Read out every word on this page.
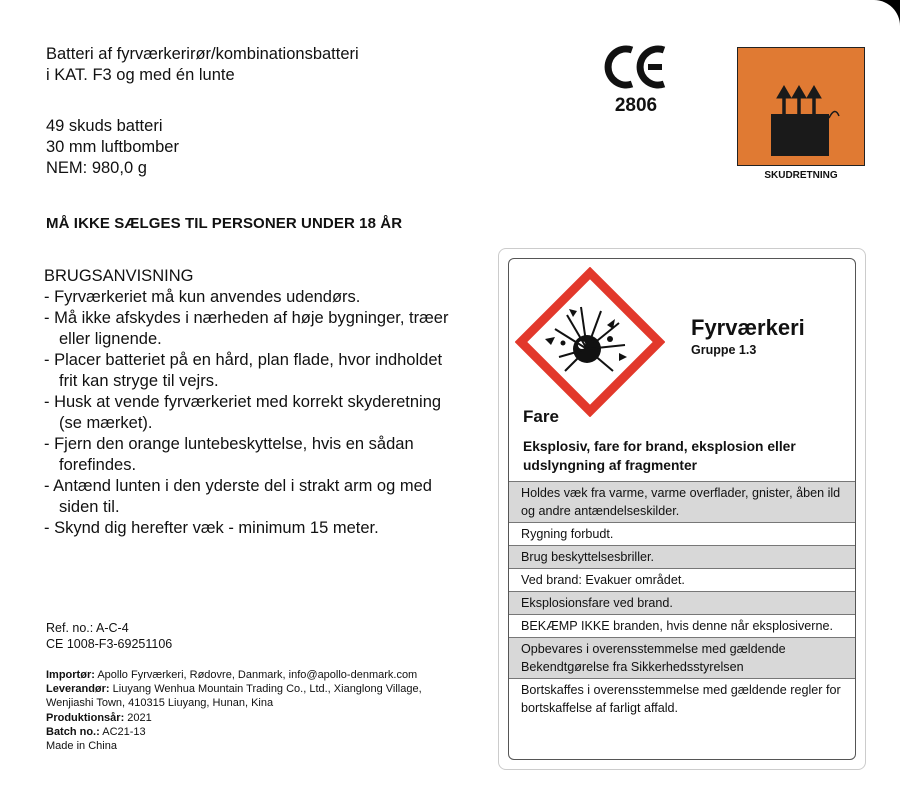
Batteri af fyrværkerirør/kombinationsbatteri
i KAT. F3 og med én lunte
49 skuds batteri
30 mm luftbomber
NEM: 980,0 g
MÅ IKKE SÆLGES TIL PERSONER UNDER 18 ÅR
BRUGSANVISNING
- Fyrværkeriet må kun anvendes udendørs.
- Må ikke afskydes i nærheden af høje bygninger, træer eller lignende.
- Placer batteriet på en hård, plan flade, hvor indholdet frit kan stryge til vejrs.
- Husk at vende fyrværkeriet med korrekt skyderetning (se mærket).
- Fjern den orange luntebeskyttelse, hvis en sådan forefindes.
- Antænd lunten i den yderste del i strakt arm og med siden til.
- Skynd dig herefter væk - minimum 15 meter.
Ref. no.: A-C-4
CE 1008-F3-69251106
Importør: Apollo Fyrværkeri, Rødovre, Danmark, info@apollo-denmark.com
Leverandør: Liuyang Wenhua Mountain Trading Co., Ltd., Xianglong Village, Wenjiashi Town, 410315 Liuyang, Hunan, Kina
Produktionsår: 2021
Batch no.: AC21-13
Made in China
2806
SKUDRETNING
Fyrværkeri
Gruppe 1.3
Fare
Eksplosiv, fare for brand, eksplosion eller udslyngning af fragmenter
Holdes væk fra varme, varme overflader, gnister, åben ild og andre antændelseskilder.
Rygning forbudt.
Brug beskyttelsesbriller.
Ved brand: Evakuer området.
Eksplosionsfare ved brand.
BEKÆMP IKKE branden, hvis denne når eksplosiverne.
Opbevares i overensstemmelse med gældende Bekendtgørelse fra Sikkerhedsstyrelsen
Bortskaffes i overensstemmelse med gældende regler for bortskaffelse af farligt affald.
